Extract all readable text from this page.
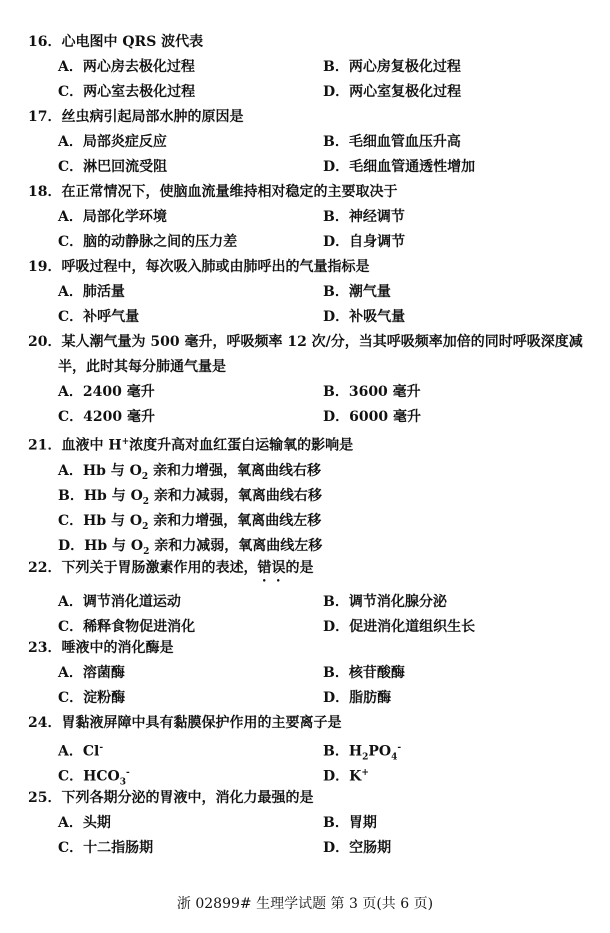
16．心电图中 QRS 波代表
A．两心房去极化过程	B．两心房复极化过程
C．两心室去极化过程	D．两心室复极化过程
17．丝虫病引起局部水肿的原因是
A．局部炎症反应	B．毛细血管血压升高
C．淋巴回流受阻	D．毛细血管通透性增加
18．在正常情况下，使脑血流量维持相对稳定的主要取决于
A．局部化学环境	B．神经调节
C．脑的动静脉之间的压力差	D．自身调节
19．呼吸过程中，每次吸入肺或由肺呼出的气量指标是
A．肺活量	B．潮气量
C．补呼气量	D．补吸气量
20．某人潮气量为 500 毫升，呼吸频率 12 次/分，当其呼吸频率加倍的同时呼吸深度减半，此时其每分肺通气量是
A．2400 毫升	B．3600 毫升
C．4200 毫升	D．6000 毫升
21．血液中 H+浓度升高对血红蛋白运输氧的影响是
A．Hb 与 $O_2$ 亲和力增强，氧离曲线右移
B．Hb 与 $O_2$ 亲和力减弱，氧离曲线右移
C．Hb 与 $O_2$ 亲和力增强，氧离曲线左移
D．Hb 与 $O_2$ 亲和力减弱，氧离曲线左移
22．下列关于胃肠激素作用的表述，错误的是
A．调节消化道运动	B．调节消化腺分泌
C．稀释食物促进消化	D．促进消化道组织生长
23．唾液中的消化酶是
A．溶菌酶	B．核苷酸酶
C．淀粉酶	D．脂肪酶
24．胃黏液屏障中具有黏膜保护作用的主要离子是
A．Cl-	B．$H_2PO_4^-$
C．$HCO_3^-$	D．K+
25．下列各期分泌的胃液中，消化力最强的是
A．头期	B．胃期
C．十二指肠期	D．空肠期
浙 02899# 生理学试题 第 3 页(共 6 页)
